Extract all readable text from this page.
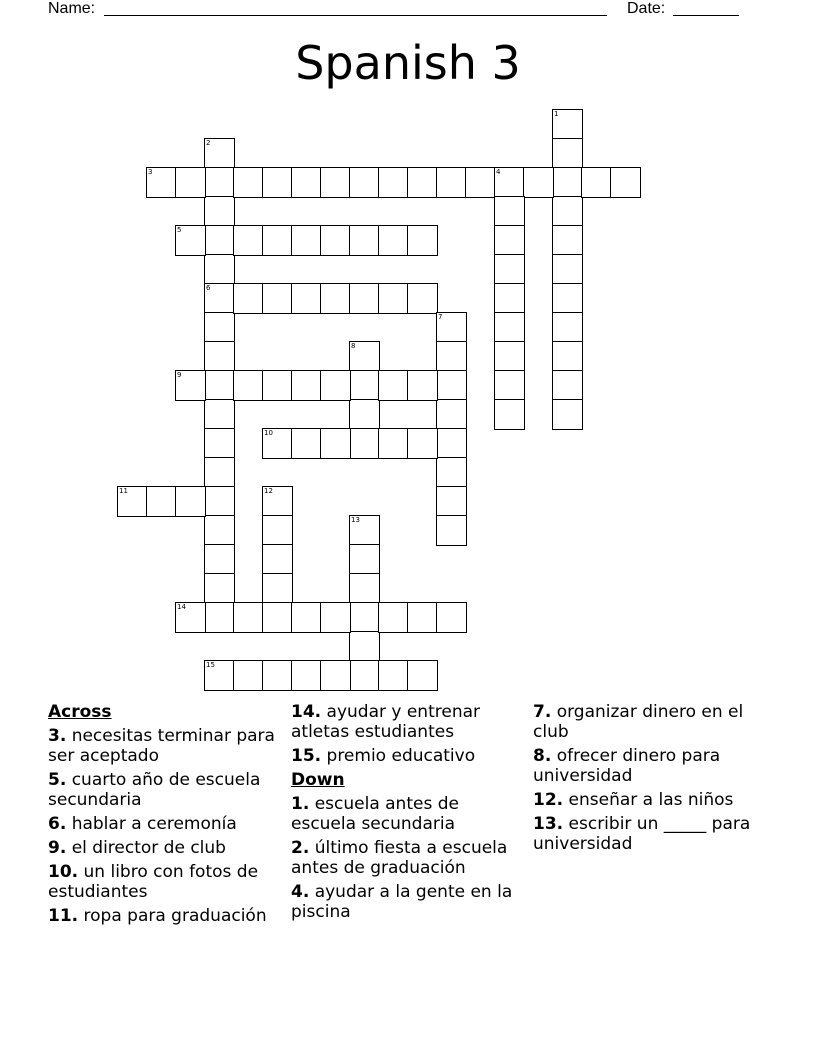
Name:	Date:
Spanish 3
1
2
6
3	4
5
7
8
9
10
11	12
13
14
15
Across
3. necesitas terminar para ser aceptado
5. cuarto año de escuela secundaria
6. hablar a ceremonía
9. el director de club
10. un libro con fotos de estudiantes
11. ropa para graduación
14. ayudar y entrenar atletas estudiantes
15. premio educativo
Down
1. escuela antes de escuela secundaria
2. último fiesta a escuela antes de graduación
4. ayudar a la gente en la piscina
7. organizar dinero en el club
8. ofrecer dinero para universidad
12. enseñar a las niños
13. escribir un _____ para universidad
